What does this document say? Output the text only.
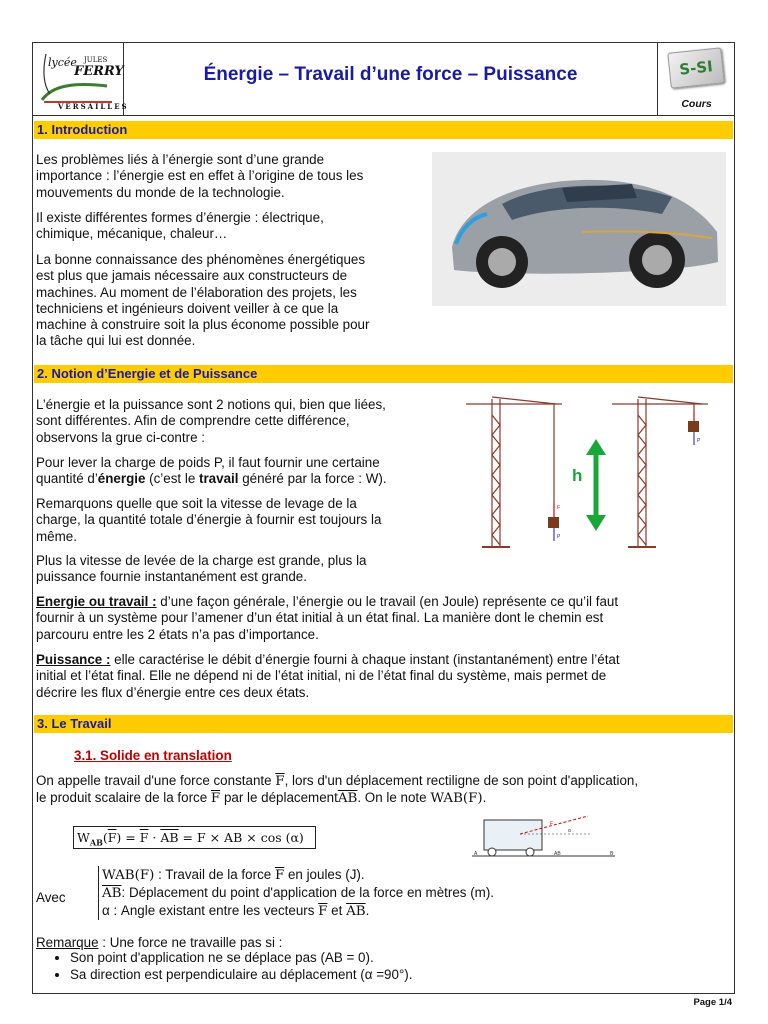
lycée JULES
FERRY
VERSAILLES
Énergie – Travail d’une force – Puissance	S-SI
Cours
1. Introduction
Les problèmes liés à l’énergie sont d’une grande
importance : l’énergie est en effet à l’origine de tous les
mouvements du monde de la technologie.
Il existe différentes formes d’énergie : électrique,
chimique, mécanique, chaleur…
La bonne connaissance des phénomènes énergétiques
est plus que jamais nécessaire aux constructeurs de
machines. Au moment de l’élaboration des projets, les
techniciens et ingénieurs doivent veiller à ce que la
machine à construire soit la plus économe possible pour
la tâche qui lui est donnée.
2. Notion d’Energie et de Puissance
L’énergie et la puissance sont 2 notions qui, bien que liées,
sont différentes. Afin de comprendre cette différence,
observons la grue ci-contre :
Pour lever la charge de poids P, il faut fournir une certaine
quantité d’énergie (c’est le travail généré par la force : W).
Remarquons quelle que soit la vitesse de levage de la
charge, la quantité totale d’énergie à fournir est toujours la
même.
Plus la vitesse de levée de la charge est grande, plus la
puissance fournie instantanément est grande.
F
P
h
P
Energie ou travail : d’une façon générale, l’énergie ou le travail (en Joule) représente ce qu’il faut
fournir à un système pour l’amener d’un état initial à un état final. La manière dont le chemin est
parcouru entre les 2 états n’a pas d’importance.
Puissance : elle caractérise le débit d’énergie fourni à chaque instant (instantanément) entre l’état
initial et l’état final. Elle ne dépend ni de l’état initial, ni de l’état final du système, mais permet de
décrire les flux d’énergie entre ces deux états.
3. Le Travail
3.1. Solide en translation
On appelle travail d'une force constante $\overline{F}$, lors d'un déplacement rectiligne de son point d'application,
le produit scalaire de la force $\overline{F}$ par le $déplacement\overline{AB}$. On le note WAB(F).
$W_{AB}(\overline{F}) = \overline{F} \cdot \overline{AB} = F$ × AB × cos (α)
F
α
A	B
AB
Avec
WAB(F) : Travail de la force $\overline{F}$ en joules (J).
$\overline{AB}$: Déplacement du point d'application de la force en mètres (m).
α : Angle existant entre les vecteurs $\overline{F}$ et $\overline{AB}$.
Remarque : Une force ne travaille pas si :
• Son point d'application ne se déplace pas (AB = 0).
• Sa direction est perpendiculaire au déplacement (α =90°).
Page 1/4
